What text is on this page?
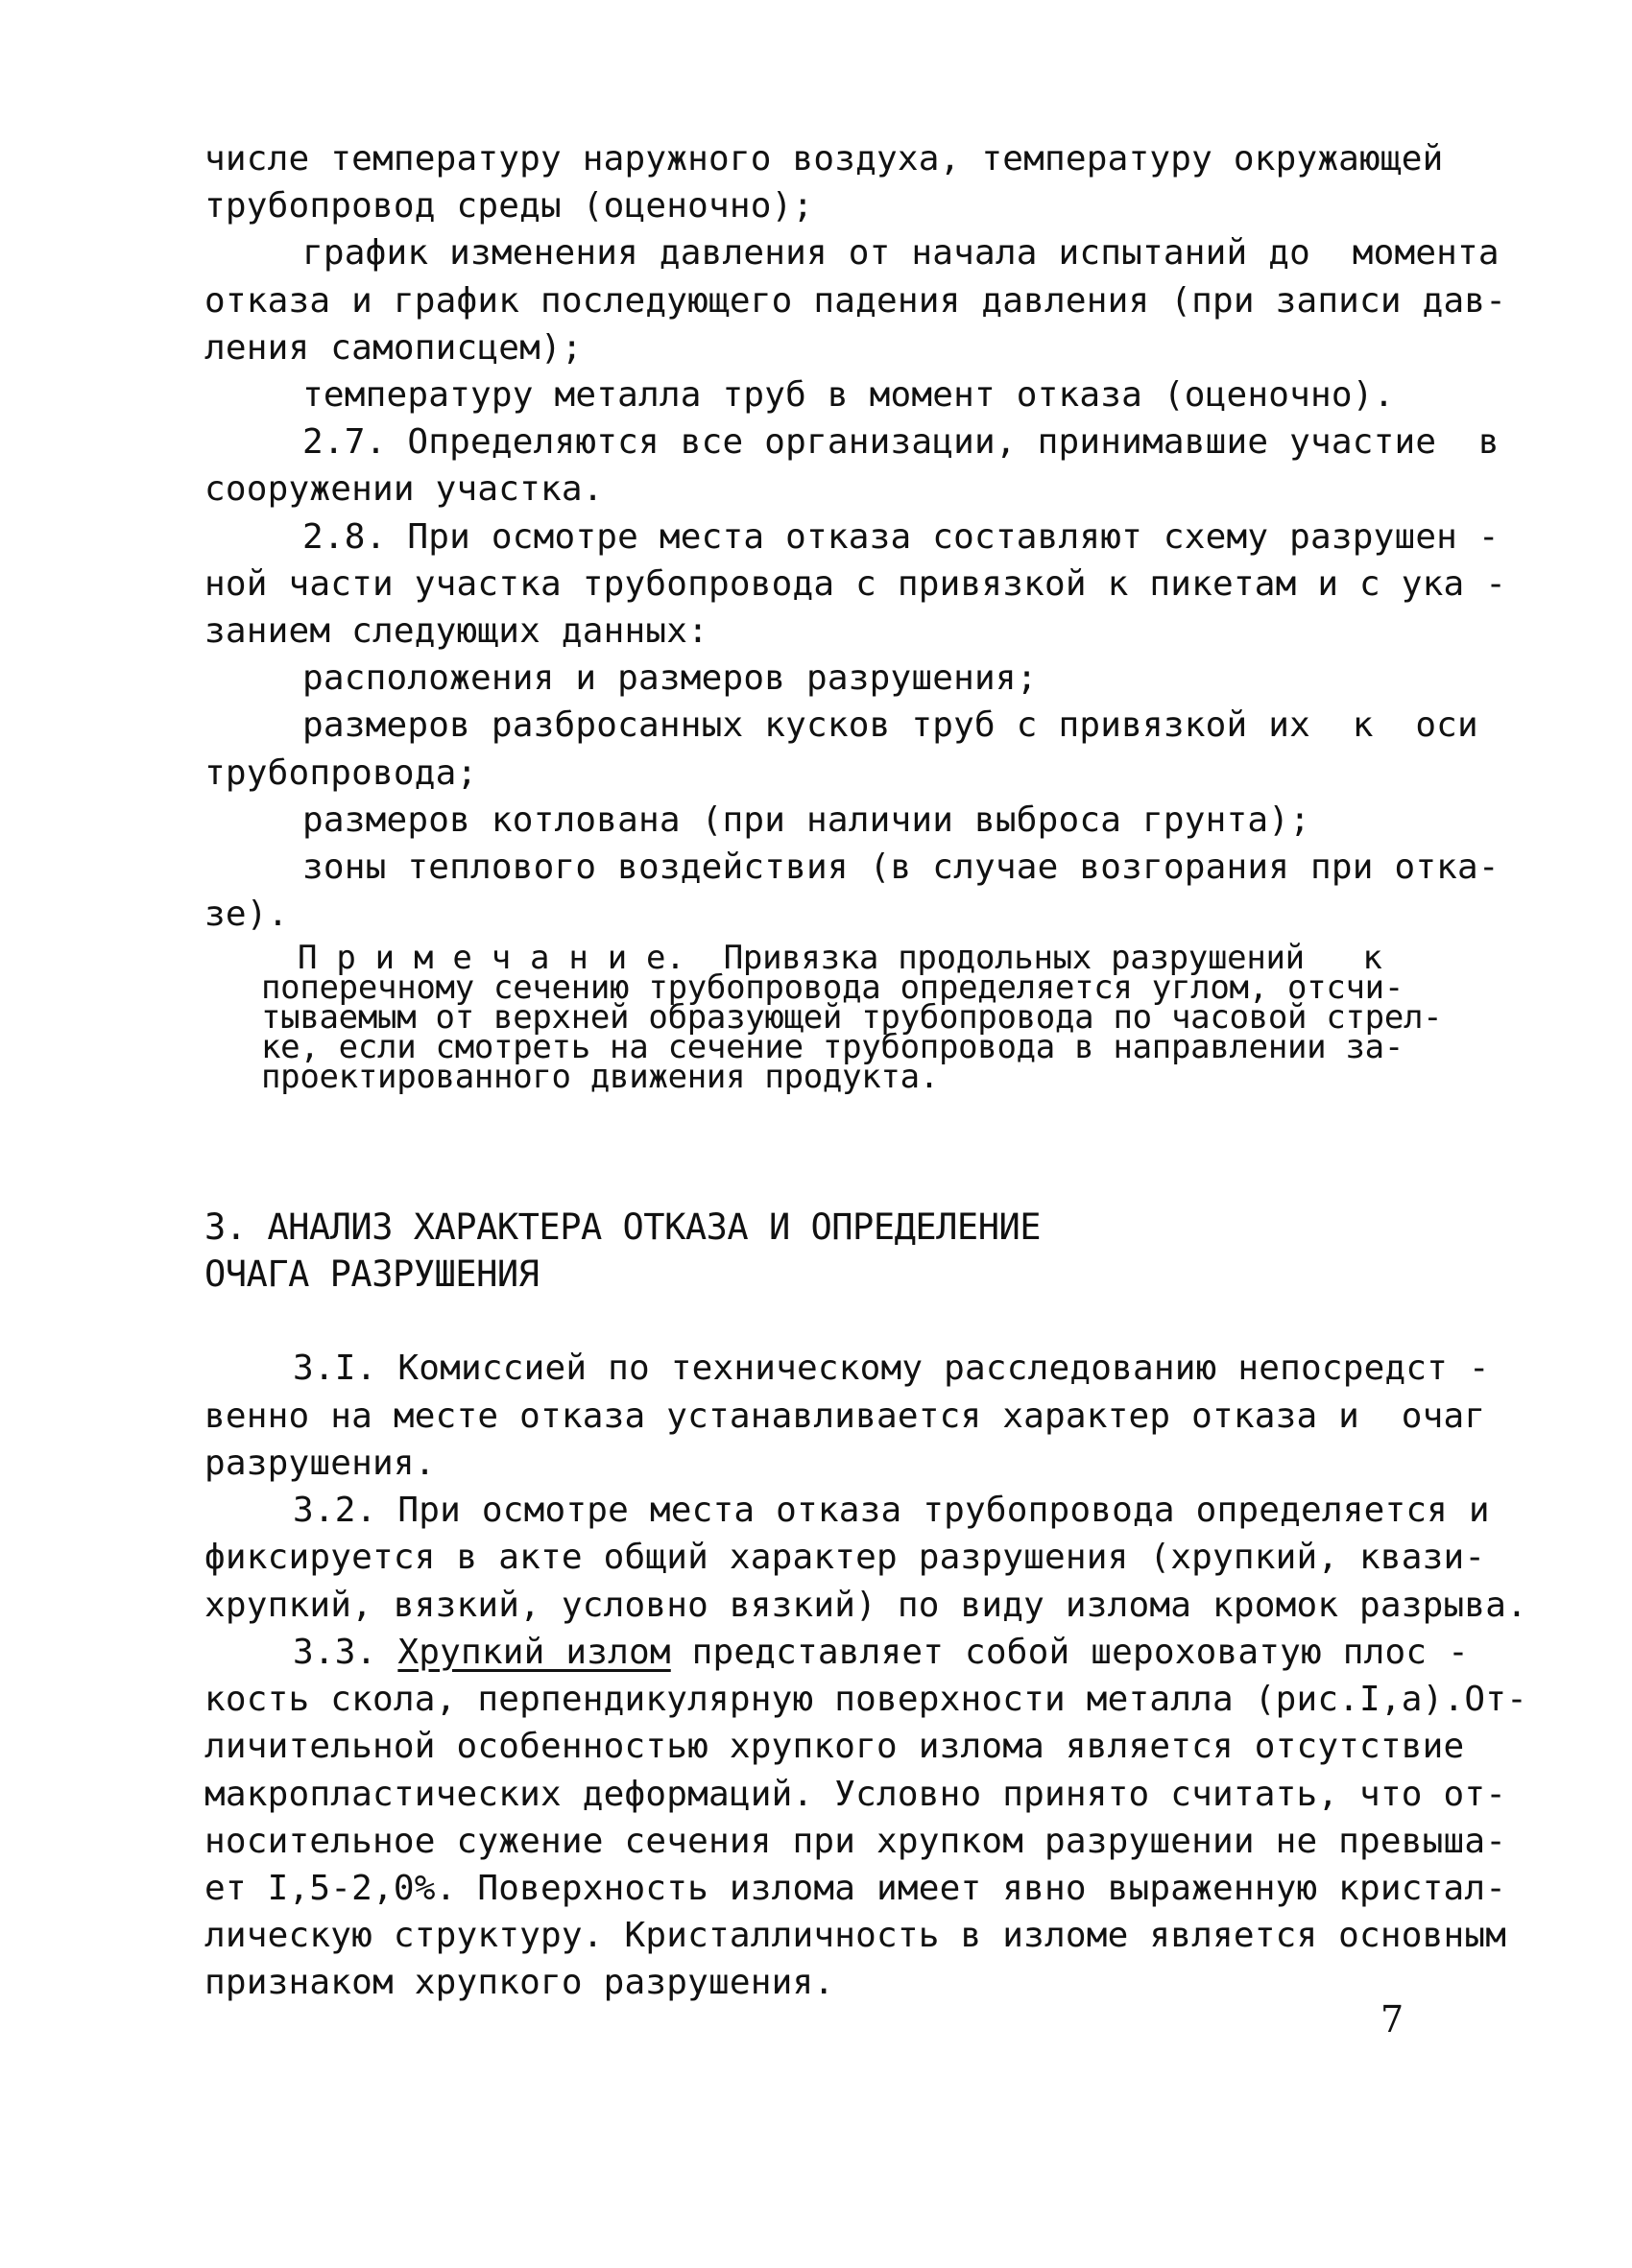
числе температуру наружного воздуха, температуру окружающей
трубопровод среды (оценочно);
график изменения давления от начала испытаний до  момента
отказа и график последующего падения давления (при записи дав-
ления самописцем);
температуру металла труб в момент отказа (оценочно).
2.7. Определяются все организации, принимавшие участие  в
сооружении участка.
2.8. При осмотре места отказа составляют схему разрушен -
ной части участка трубопровода с привязкой к пикетам и с ука -
занием следующих данных:
расположения и размеров разрушения;
размеров разбросанных кусков труб с привязкой их  к  оси
трубопровода;
размеров котлована (при наличии выброса грунта);
зоны теплового воздействия (в случае возгорания при отка-
зе).
П р и м е ч а н и е.  Привязка продольных разрушений   к
поперечному сечению трубопровода определяется углом, отсчи-
тываемым от верхней образующей трубопровода по часовой стрел-
ке, если смотреть на сечение трубопровода в направлении за-
проектированного движения продукта.
3. АНАЛИЗ ХАРАКТЕРА ОТКАЗА И ОПРЕДЕЛЕНИЕ
ОЧАГА РАЗРУШЕНИЯ
3.I. Комиссией по техническому расследованию непосредст -
венно на месте отказа устанавливается характер отказа и  очаг
разрушения.
3.2. При осмотре места отказа трубопровода определяется и
фиксируется в акте общий характер разрушения (хрупкий, квази-
хрупкий, вязкий, условно вязкий) по виду излома кромок разрыва.
3.3. Хрупкий излом представляет собой шероховатую плос -
кость скола, перпендикулярную поверхности металла (рис.I,а).От-
личительной особенностью хрупкого излома является отсутствие
макропластических деформаций. Условно принято считать, что от-
носительное сужение сечения при хрупком разрушении не превыша-
ет I,5-2,0%. Поверхность излома имеет явно выраженную кристал-
лическую структуру. Кристалличность в изломе является основным
признаком хрупкого разрушения.
7
